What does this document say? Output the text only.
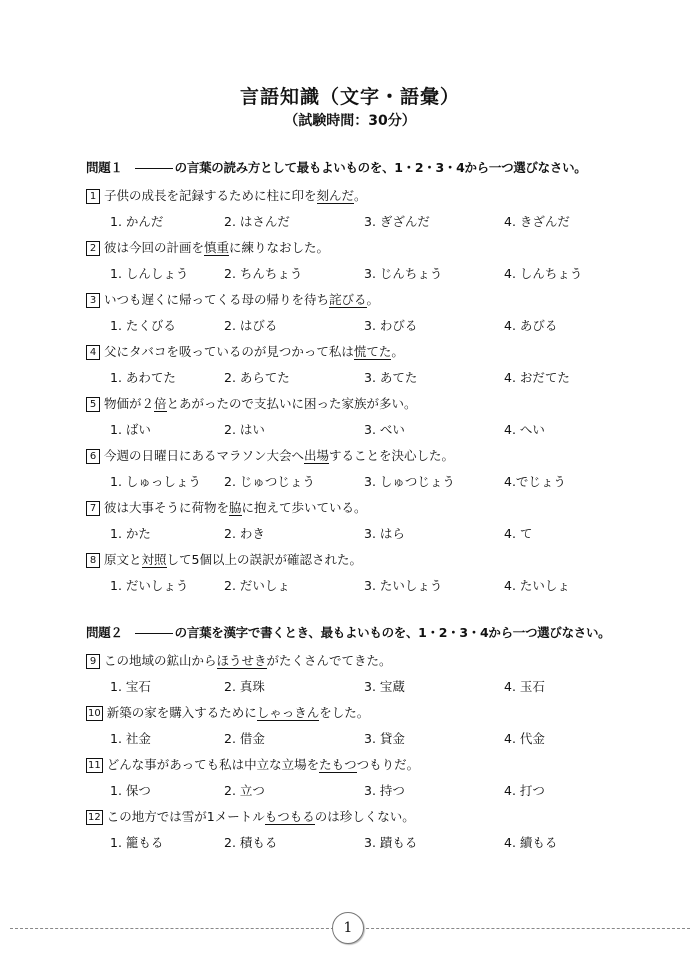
言語知識（文字・語彙）
（試験時間：30分）
問題１	の言葉の読み方として最もよいものを、1・2・3・4から一つ選びなさい。
1 子供の成長を記録するために柱に印を刻んだ。
1. かんだ	2. はさんだ	3. ぎざんだ	4. きざんだ
2 彼は今回の計画を慎重に練りなおした。
1. しんしょう	2. ちんちょう	3. じんちょう	4. しんちょう
3 いつも遅くに帰ってくる母の帰りを待ち詫びる。
1. たくびる	2. はびる	3. わびる	4. あびる
4 父にタバコを吸っているのが見つかって私は慌てた。
1. あわてた	2. あらてた	3. あてた	4. おだてた
5 物価が２倍とあがったので支払いに困った家族が多い。
1. ばい	2. はい	3. べい	4. へい
6 今週の日曜日にあるマラソン大会へ出場することを決心した。
1. しゅっしょう 2. じゅつじょう	3. しゅつじょう	4.でじょう
7 彼は大事そうに荷物を脇に抱えて歩いている。
1. かた	2. わき	3. はら	4. て
8 原文と対照して5個以上の誤訳が確認された。
1. だいしょう	2. だいしょ	3. たいしょう	4. たいしょ
問題２	の言葉を漢字で書くとき、最もよいものを、1・2・3・4から一つ選びなさい。
9 この地域の鉱山からほうせきがたくさんでてきた。
1. 宝石	2. 真珠	3. 宝蔵	4. 玉石
10 新築の家を購入するためにしゃっきんをした。
1. 社金	2. 借金	3. 貸金	4. 代金
11 どんな事があっても私は中立な立場をたもつつもりだ。
1. 保つ	2. 立つ	3. 持つ	4. 打つ
12 この地方では雪が1メートルもつもるのは珍しくない。
1. 籠もる	2. 積もる	3. 蹟もる	4. 續もる
1
